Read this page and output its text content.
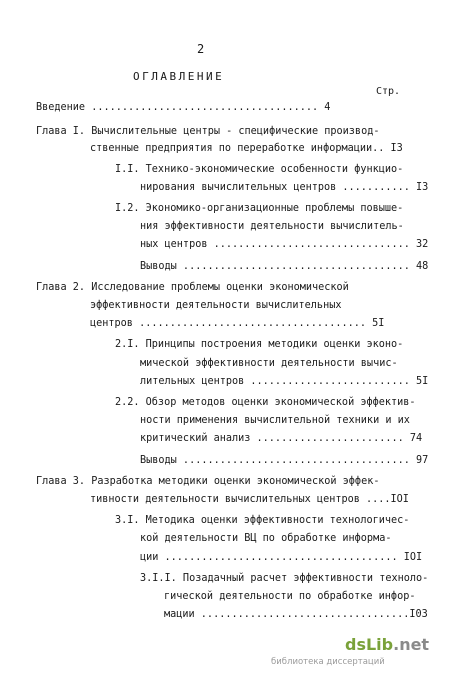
2
ОГЛАВЛЕНИЕ
Стр.
Введение ..................................... 4
Глава I. Вычислительные центры - специфические производ-
ственные предприятия по переработке информации.. I3
I.I. Технико-экономические особенности функцио-
нирования вычислительных центров ........... I3
I.2. Экономико-организационные проблемы повыше-
ния эффективности деятельности вычислитель-
ных центров ................................ 32
Выводы ..................................... 48
Глава 2. Исследование проблемы оценки экономической
эффективности деятельности вычислительных
центров ..................................... 5I
2.I. Принципы построения методики оценки эконо-
мической эффективности деятельности вычис-
лительных центров .......................... 5I
2.2. Обзор методов оценки экономической эффектив-
ности применения вычислительной техники и их
критический анализ ........................ 74
Выводы ..................................... 97
Глава 3. Разработка методики оценки экономической эффек-
тивности деятельности вычислительных центров ....IOI
3.I. Методика оценки эффективности технологичес-
кой деятельности ВЦ по обработке информа-
ции ...................................... IOI
3.I.I. Позадачный расчет эффективности техноло-
гической деятельности по обработке инфор-
мации ..................................I03
dsLib.net
библиотека диссертаций
